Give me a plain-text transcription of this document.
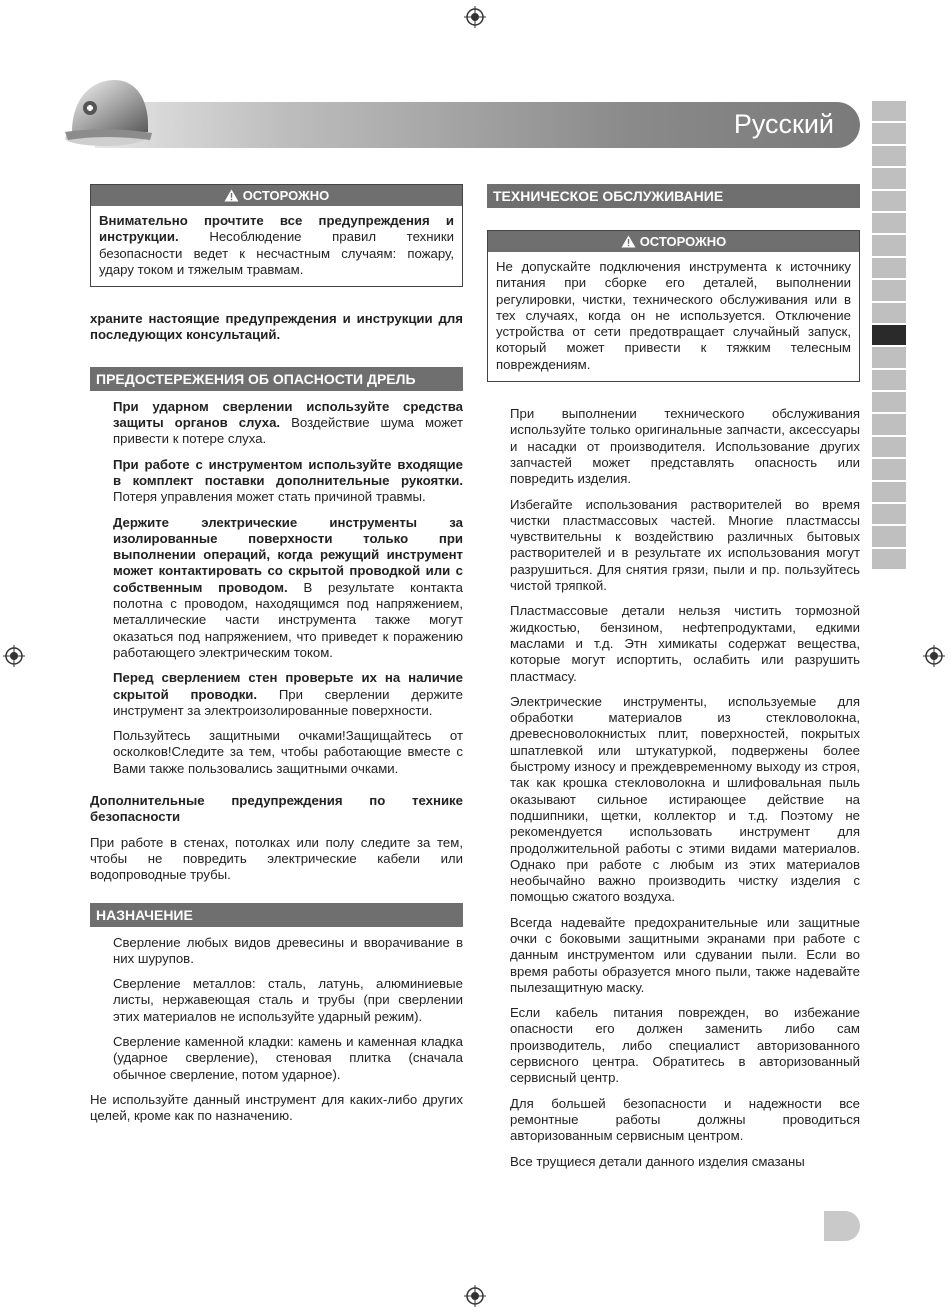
Русский
ОСТОРОЖНО
Внимательно прочтите все предупреждения и инструкции. Несоблюдение правил техники безопасности ведет к несчастным случаям: пожару, удару током и тяжелым травмам.

хранитe настоящие предупреждения и инструкции для последующих консультаций.

ПРЕДОСТЕРЕЖЕНИЯ ОБ ОПАСНОСТИ ДРЕЛЬ

При ударном сверлении используйте средства защиты органов слуха. Воздействие шума может привести к потере слуха.

При работе с инструментом используйте входящие в комплект поставки дополнительные рукоятки. Потеря управления может стать причиной травмы.

Держите электрические инструменты за изолированные поверхности только при выполнении операций, когда режущий инструмент может контактировать со скрытой проводкой или с собственным проводом. В результате контакта полотна с проводом, находящимся под напряжением, металлические части инструмента также могут оказаться под напряжением, что приведет к поражению работающего электрическим током.

Перед сверлением стен проверьте их на наличие скрытой проводки. При сверлении держите инструмент за электроизолированные поверхности.

Пользуйтесь защитными очками!Защищайтесь от осколков!Следите за тем, чтобы работающие вместе с Вами также пользовались защитными очками.

Дополнительные предупреждения по технике безопасности

При работе в стенах, потолках или полу следите за тем, чтобы не повредить электрические кабели или водопроводные трубы.

НАЗНАЧЕНИЕ

Сверление любых видов древесины и вворачивание в них шурупов.

Сверление металлов: сталь, латунь, алюминиевые листы, нержавеющая сталь и трубы (при сверлении этих материалов не используйте ударный режим).

Сверление каменной кладки: камень и каменная кладка (ударное сверление), стеновая плитка (сначала обычное сверление, потом ударное).

Не используйте данный инструмент для каких-либо других целей, кроме как по назначению.

ТЕХНИЧЕСКОЕ ОБСЛУЖИВАНИЕ
ОСТОРОЖНО
Не допускайте подключения инструмента к источнику питания при сборке его деталей, выполнении регулировки, чистки, технического обслуживания или в тех случаях, когда он не используется. Отключение устройства от сети предотвращает случайный запуск, который может привести к тяжким телесным повреждениям.

При выполнении технического обслуживания используйте только оригинальные запчасти, аксессуары и насадки от производителя. Использование других запчастей может представлять опасность или повредить изделия.

Избегайте использования растворителей во время чистки пластмассовых частей. Многие пластмассы чувствительны к воздействию различных бытовых растворителей и в результате их использования могут разрушиться. Для снятия грязи, пыли и пр. пользуйтесь чистой тряпкой.

Пластмассовые детали нельзя чистить тормозной жидкостью, бензином, нефтепродуктами, едкими маслами и т.д. Этн химикаты содержат вещества, которые могут испортить, ослабить или разрушить пластмасу.

Электрические инструменты, используемые для обработки материалов из стекловолокна, древесноволокнистых плит, поверхностей, покрытых шпатлевкой или штукатуркой, подвержены более быстрому износу и преждевременному выходу из строя, так как крошка стекловолокна и шлифовальная пыль оказывают сильное истирающее действие на подшипники, щетки, коллектор и т.д. Поэтому не рекомендуется использовать инструмент для продолжительной работы с этими видами материалов. Однако при работе с любым из этих материалов необычайно важно производить чистку изделия с помощью сжатого воздуха.

Всегда надевайте предохранительные или защитные очки с боковыми защитными экранами при работе с данным инструментом или сдувании пыли. Если во время работы образуется много пыли, также надевайте пылезащитную маску.

Если кабель питания поврежден, во избежание опасности его должен заменить либо сам производитель, либо специалист авторизованного сервисного центра. Обратитесь в авторизованный сервисный центр.

Для большей безопасности и надежности все ремонтные работы должны проводиться авторизованным сервисным центром.

Все трущиеся детали данного изделия смазаны
